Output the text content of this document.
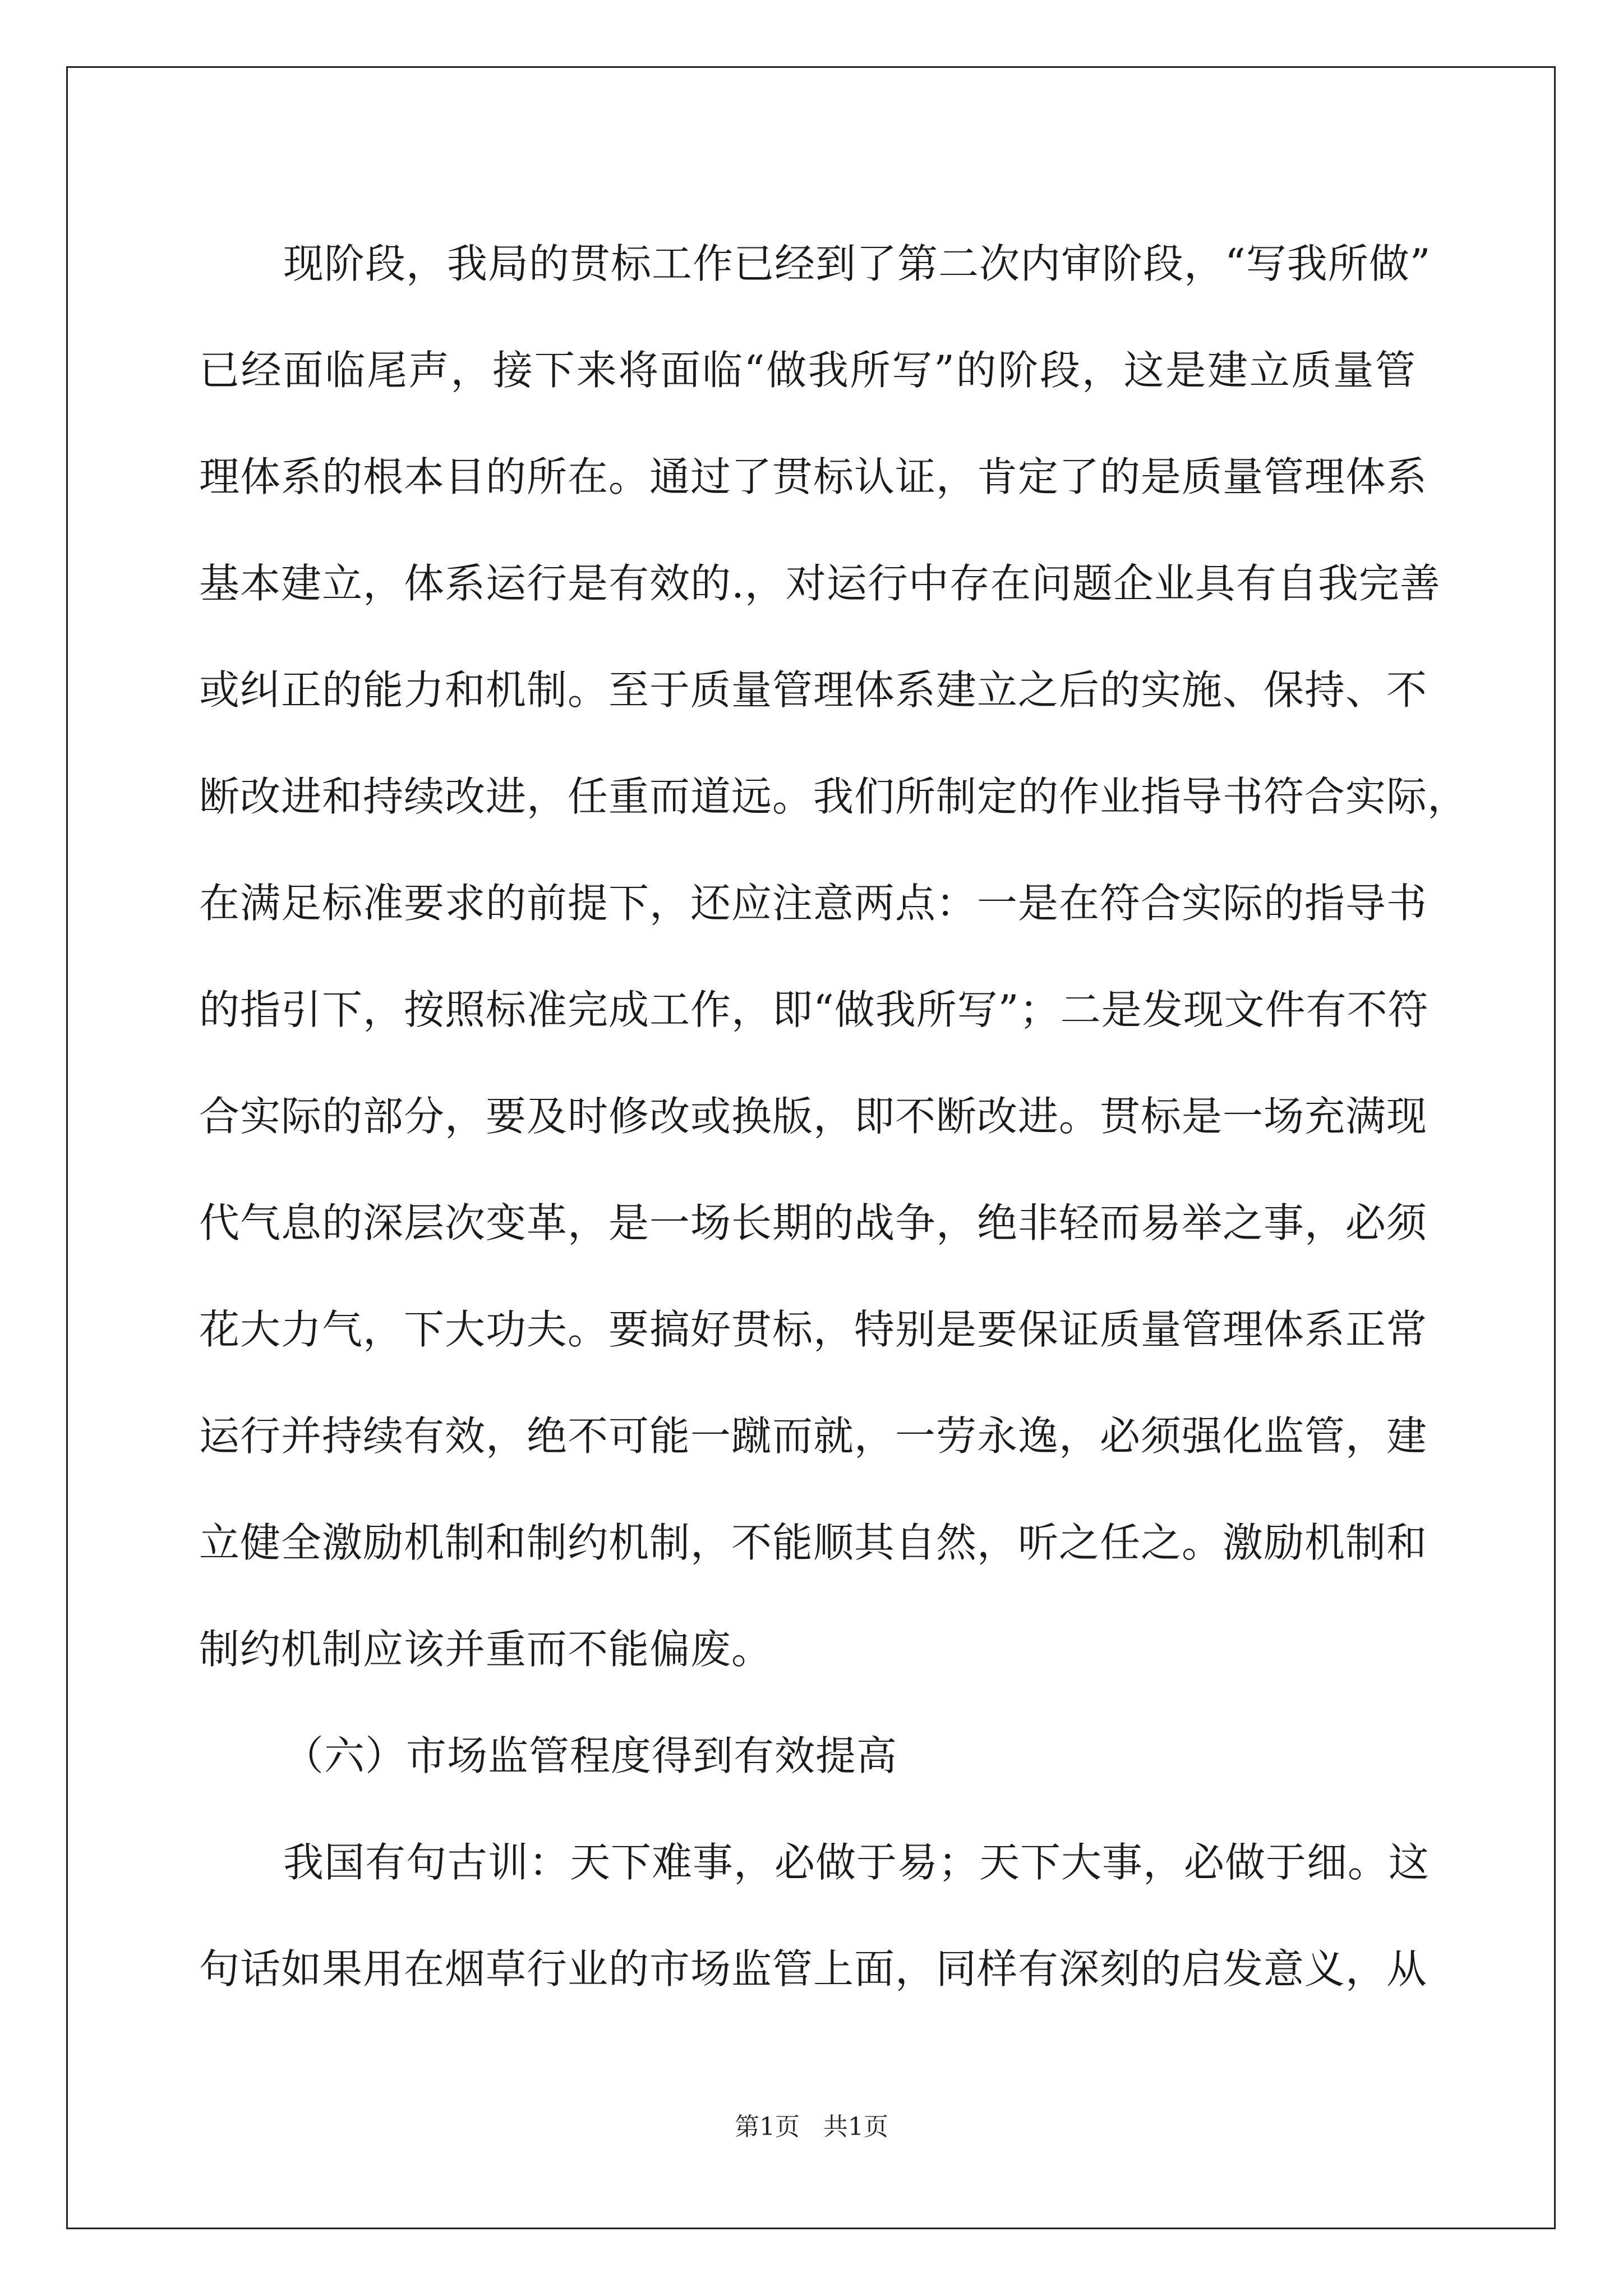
现阶段，我局的贯标工作已经到了第二次内审阶段，“写我所做”
已经面临尾声，接下来将面临“做我所写”的阶段，这是建立质量管
理体系的根本目的所在。通过了贯标认证，肯定了的是质量管理体系
基本建立，体系运行是有效的.，对运行中存在问题企业具有自我完善
或纠正的能力和机制。至于质量管理体系建立之后的实施、保持、不
断改进和持续改进，任重而道远。我们所制定的作业指导书符合实际，
在满足标准要求的前提下，还应注意两点：一是在符合实际的指导书
的指引下，按照标准完成工作，即“做我所写”；二是发现文件有不符
合实际的部分，要及时修改或换版，即不断改进。贯标是一场充满现
代气息的深层次变革，是一场长期的战争，绝非轻而易举之事，必须
花大力气，下大功夫。要搞好贯标，特别是要保证质量管理体系正常
运行并持续有效，绝不可能一蹴而就，一劳永逸，必须强化监管，建
立健全激励机制和制约机制，不能顺其自然，听之任之。激励机制和
制约机制应该并重而不能偏废。
（六）市场监管程度得到有效提高
我国有句古训：天下难事，必做于易；天下大事，必做于细。这
句话如果用在烟草行业的市场监管上面，同样有深刻的启发意义，从
第1页 共1页
